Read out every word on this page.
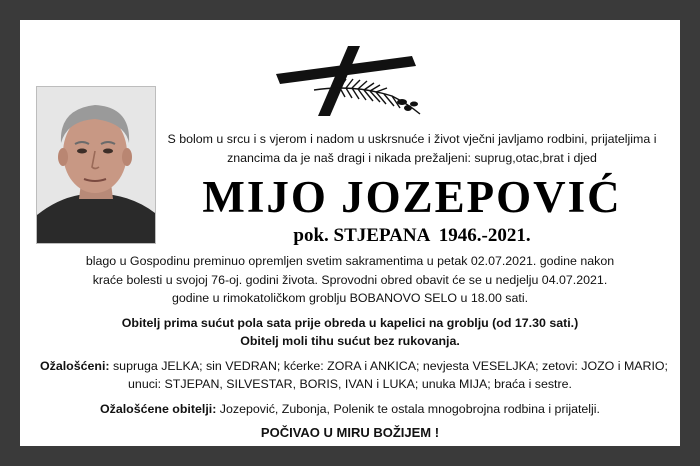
S bolom u srcu i s vjerom i nadom u uskrsnuće i život vječni javljamo rodbini, prijateljima i
znancima da je naš dragi i nikada prežaljeni: suprug,otac,brat i djed
MIJO JOZEPOVIĆ
pok. STJEPANA  1946.-2021.
blago u Gospodinu preminuo opremljen svetim sakramentima u petak 02.07.2021. godine nakon
kraće bolesti u svojoj 76-oj. godini života. Sprovodni obred obavit će se u nedjelju 04.07.2021.
godine u rimokatoličkom groblju BOBANOVO SELO u 18.00 sati.
Obitelj prima sućut pola sata prije obreda u kapelici na groblju (od 17.30 sati.)
Obitelj moli tihu sućut bez rukovanja.
Ožalošćeni: supruga JELKA; sin VEDRAN; kćerke: ZORA i ANKICA; nevjesta VESELJKA; zetovi: JOZO i MARIO;
unuci: STJEPAN, SILVESTAR, BORIS, IVAN i LUKA; unuka MIJA; braća i sestre.
Ožalošćene obitelji: Jozepović, Zubonja, Polenik te ostala mnogobrojna rodbina i prijatelji.
POČIVAO U MIRU BOŽIJEM !
